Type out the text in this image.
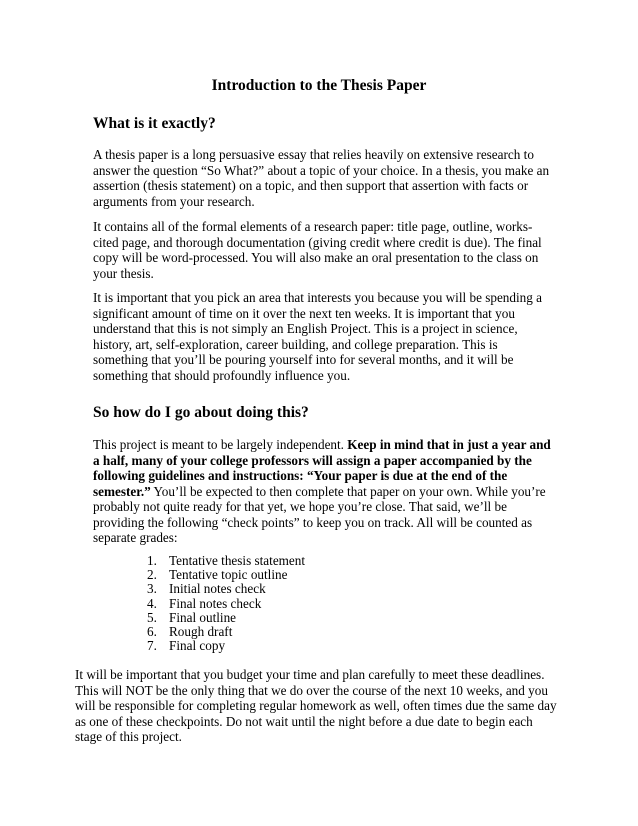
Introduction to the Thesis Paper
What is it exactly?

A thesis paper is a long persuasive essay that relies heavily on extensive research to
answer the question “So What?” about a topic of your choice. In a thesis, you make an
assertion (thesis statement) on a topic, and then support that assertion with facts or
arguments from your research.

It contains all of the formal elements of a research paper: title page, outline, works-
cited page, and thorough documentation (giving credit where credit is due). The final
copy will be word-processed. You will also make an oral presentation to the class on
your thesis.

It is important that you pick an area that interests you because you will be spending a
significant amount of time on it over the next ten weeks. It is important that you
understand that this is not simply an English Project. This is a project in science,
history, art, self-exploration, career building, and college preparation. This is
something that you’ll be pouring yourself into for several months, and it will be
something that should profoundly influence you.

So how do I go about doing this?

This project is meant to be largely independent. Keep in mind that in just a year and
a half, many of your college professors will assign a paper accompanied by the
following guidelines and instructions: “Your paper is due at the end of the
semester.” You’ll be expected to then complete that paper on your own. While you’re
probably not quite ready for that yet, we hope you’re close. That said, we’ll be
providing the following “check points” to keep you on track. All will be counted as
separate grades:

1. Tentative thesis statement
2. Tentative topic outline
3. Initial notes check
4. Final notes check
5. Final outline
6. Rough draft
7. Final copy

It will be important that you budget your time and plan carefully to meet these deadlines.
This will NOT be the only thing that we do over the course of the next 10 weeks, and you
will be responsible for completing regular homework as well, often times due the same day
as one of these checkpoints. Do not wait until the night before a due date to begin each
stage of this project.
